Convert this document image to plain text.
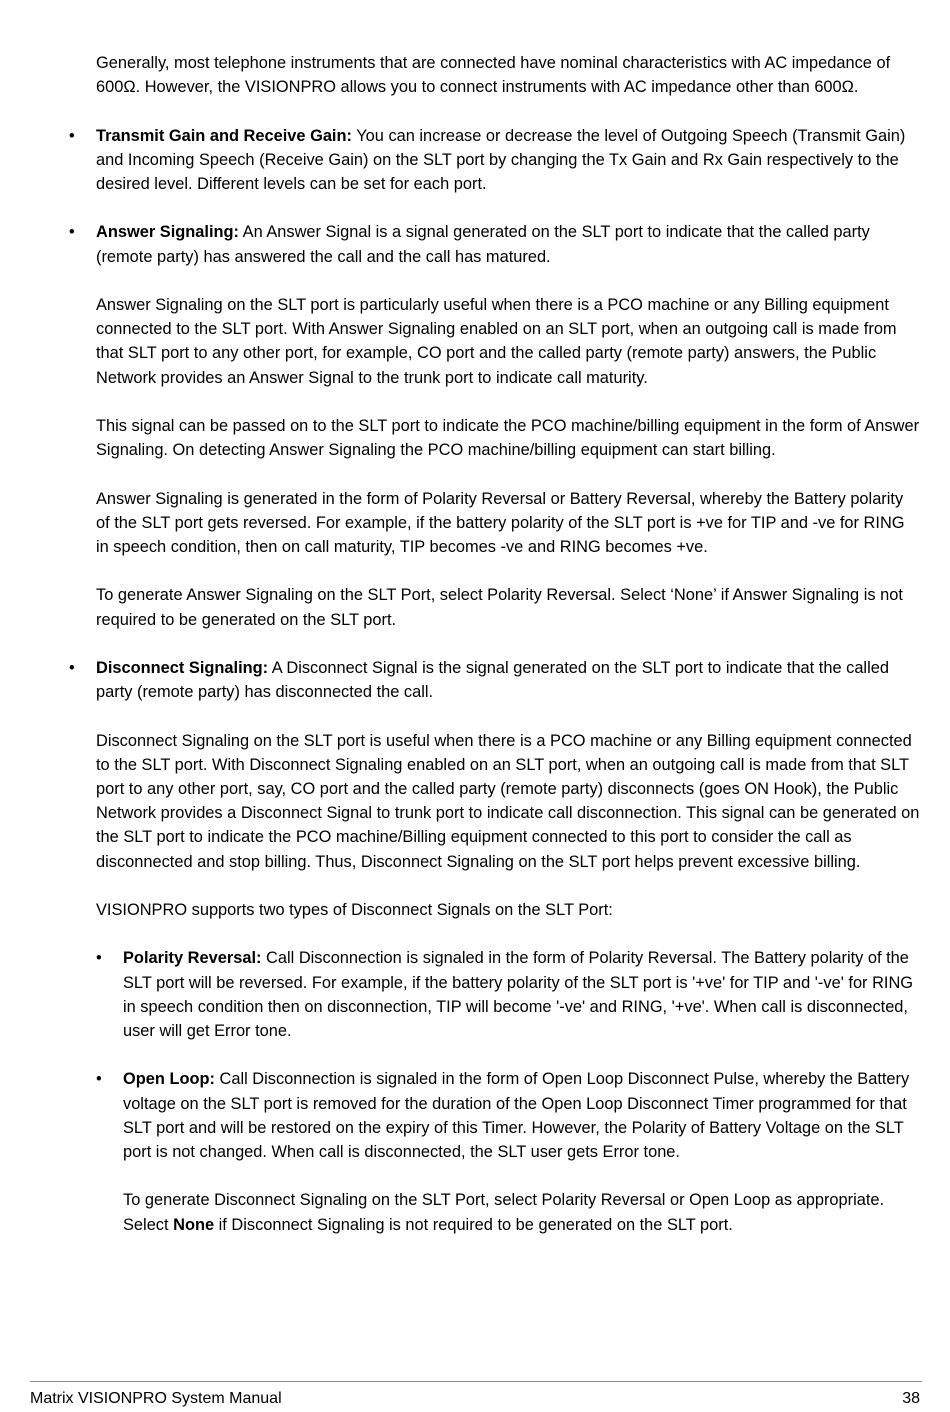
Generally, most telephone instruments that are connected have nominal characteristics with AC impedance of 600Ω. However, the VISIONPRO allows you to connect instruments with AC impedance other than 600Ω.

• Transmit Gain and Receive Gain: You can increase or decrease the level of Outgoing Speech (Transmit Gain) and Incoming Speech (Receive Gain) on the SLT port by changing the Tx Gain and Rx Gain respectively to the desired level. Different levels can be set for each port.
• Answer Signaling: An Answer Signal is a signal generated on the SLT port to indicate that the called party (remote party) has answered the call and the call has matured.

Answer Signaling on the SLT port is particularly useful when there is a PCO machine or any Billing equipment connected to the SLT port. With Answer Signaling enabled on an SLT port, when an outgoing call is made from that SLT port to any other port, for example, CO port and the called party (remote party) answers, the Public Network provides an Answer Signal to the trunk port to indicate call maturity.

This signal can be passed on to the SLT port to indicate the PCO machine/billing equipment in the form of Answer Signaling. On detecting Answer Signaling the PCO machine/billing equipment can start billing.

Answer Signaling is generated in the form of Polarity Reversal or Battery Reversal, whereby the Battery polarity of the SLT port gets reversed. For example, if the battery polarity of the SLT port is +ve for TIP and -ve for RING in speech condition, then on call maturity, TIP becomes -ve and RING becomes +ve.

To generate Answer Signaling on the SLT Port, select Polarity Reversal. Select ‘None’ if Answer Signaling is not required to be generated on the SLT port.

• Disconnect Signaling: A Disconnect Signal is the signal generated on the SLT port to indicate that the called party (remote party) has disconnected the call.

Disconnect Signaling on the SLT port is useful when there is a PCO machine or any Billing equipment connected to the SLT port. With Disconnect Signaling enabled on an SLT port, when an outgoing call is made from that SLT port to any other port, say, CO port and the called party (remote party) disconnects (goes ON Hook), the Public Network provides a Disconnect Signal to trunk port to indicate call disconnection. This signal can be generated on the SLT port to indicate the PCO machine/Billing equipment connected to this port to consider the call as disconnected and stop billing. Thus, Disconnect Signaling on the SLT port helps prevent excessive billing.

VISIONPRO supports two types of Disconnect Signals on the SLT Port:

• Polarity Reversal: Call Disconnection is signaled in the form of Polarity Reversal. The Battery polarity of the SLT port will be reversed. For example, if the battery polarity of the SLT port is '+ve' for TIP and '-ve' for RING in speech condition then on disconnection, TIP will become '-ve' and RING, '+ve'. When call is disconnected, user will get Error tone.
• Open Loop: Call Disconnection is signaled in the form of Open Loop Disconnect Pulse, whereby the Battery voltage on the SLT port is removed for the duration of the Open Loop Disconnect Timer programmed for that SLT port and will be restored on the expiry of this Timer. However, the Polarity of Battery Voltage on the SLT port is not changed. When call is disconnected, the SLT user gets Error tone.

To generate Disconnect Signaling on the SLT Port, select Polarity Reversal or Open Loop as appropriate. Select None if Disconnect Signaling is not required to be generated on the SLT port.

Matrix VISIONPRO System Manual	38
